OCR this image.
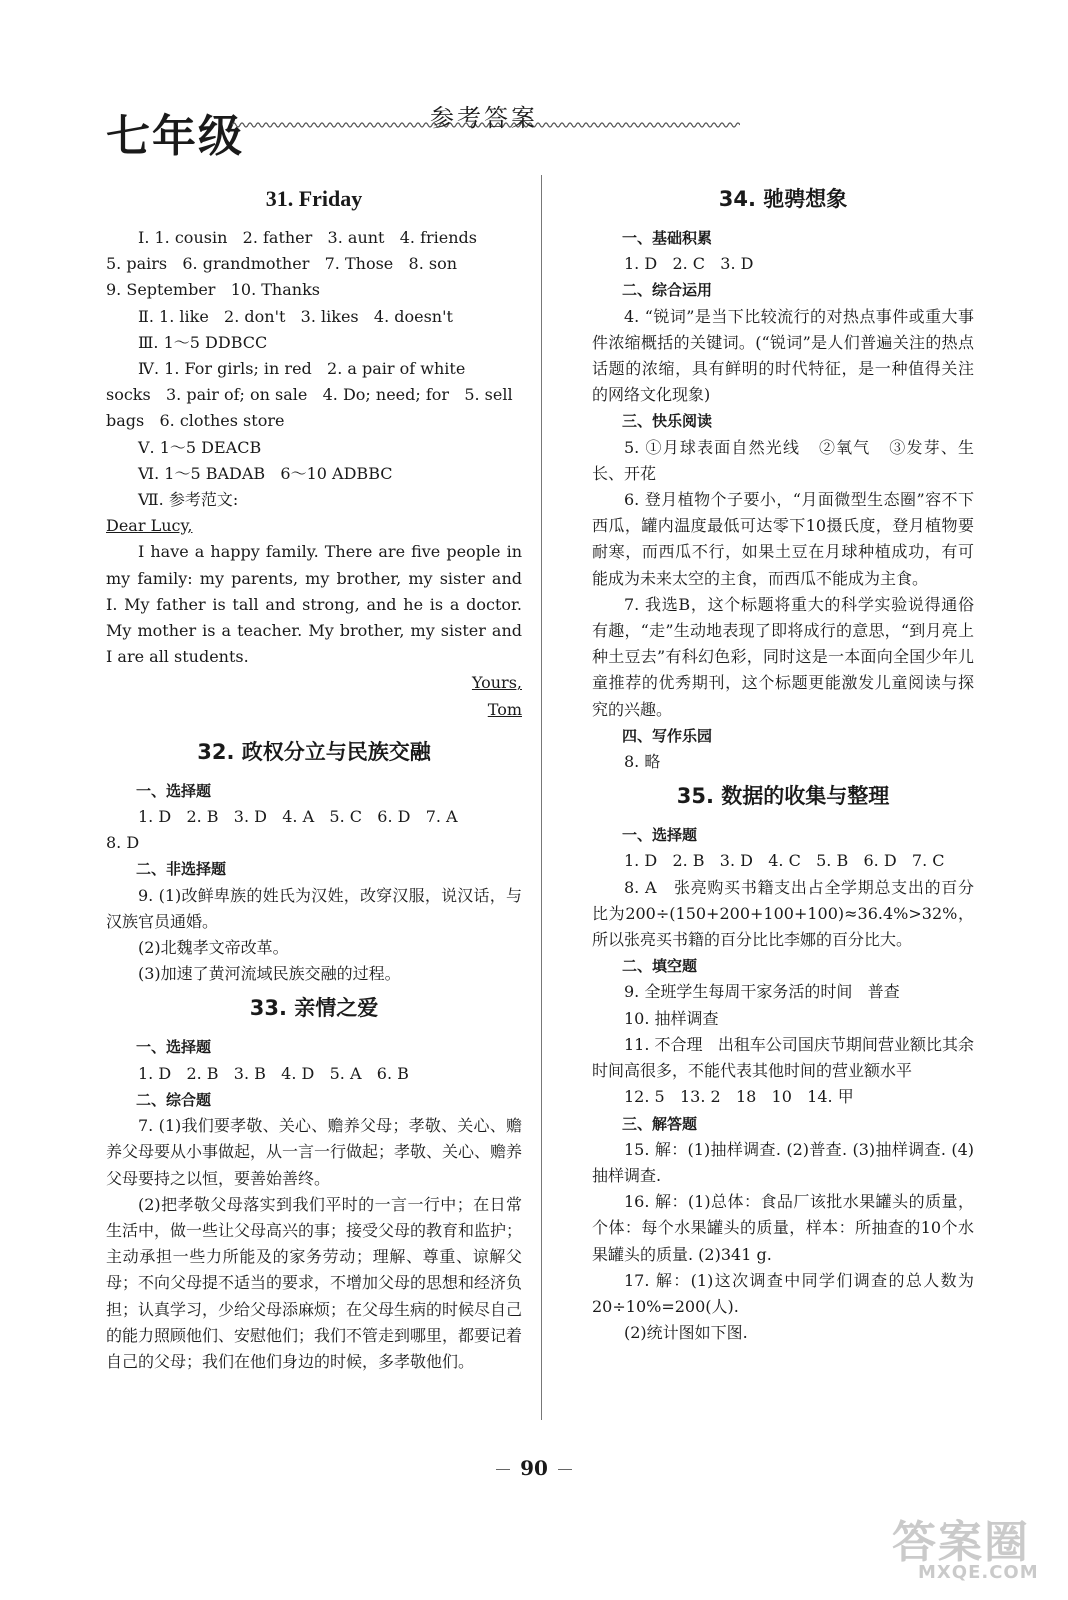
七年级	参考答案
31. Friday
Ⅰ. 1. cousin   2. father   3. aunt   4. friends
5. pairs   6. grandmother   7. Those   8. son
9. September   10. Thanks
Ⅱ. 1. like   2. don't   3. likes   4. doesn't
Ⅲ. 1～5 DDBCC
Ⅳ. 1. For girls; in red   2. a pair of white
socks   3. pair of; on sale   4. Do; need; for   5. sell
bags   6. clothes store
Ⅴ. 1～5 DEACB
Ⅵ. 1～5 BADAB   6～10 ADBBC
Ⅶ. 参考范文:
Dear Lucy,
I have a happy family. There are five people in my family: my parents, my brother, my sister and I. My father is tall and strong, and he is a doctor. My mother is a teacher. My brother, my sister and I are all students.
Yours,
Tom
32. 政权分立与民族交融
一、选择题
1. D   2. B   3. D   4. A   5. C   6. D   7. A
8. D
二、非选择题
9. (1)改鲜卑族的姓氏为汉姓，改穿汉服，说汉话，与汉族官员通婚。
(2)北魏孝文帝改革。
(3)加速了黄河流域民族交融的过程。
33. 亲情之爱
一、选择题
1. D   2. B   3. B   4. D   5. A   6. B
二、综合题
7. (1)我们要孝敬、关心、赡养父母；孝敬、关心、赡养父母要从小事做起，从一言一行做起；孝敬、关心、赡养父母要持之以恒，要善始善终。
(2)把孝敬父母落实到我们平时的一言一行中；在日常生活中，做一些让父母高兴的事；接受父母的教育和监护；主动承担一些力所能及的家务劳动；理解、尊重、谅解父母；不向父母提不适当的要求，不增加父母的思想和经济负担；认真学习，少给父母添麻烦；在父母生病的时候尽自己的能力照顾他们、安慰他们；我们不管走到哪里，都要记着自己的父母；我们在他们身边的时候，多孝敬他们。
34. 驰骋想象
一、基础积累
1. D   2. C   3. D
二、综合运用
4. “锐词”是当下比较流行的对热点事件或重大事件浓缩概括的关键词。(“锐词”是人们普遍关注的热点话题的浓缩，具有鲜明的时代特征，是一种值得关注的网络文化现象)
三、快乐阅读
5. ①月球表面自然光线   ②氧气   ③发芽、生长、开花
6. 登月植物个子要小，“月面微型生态圈”容不下西瓜，罐内温度最低可达零下10摄氏度，登月植物要耐寒，而西瓜不行，如果土豆在月球种植成功，有可能成为未来太空的主食，而西瓜不能成为主食。
7. 我选B，这个标题将重大的科学实验说得通俗有趣，“走”生动地表现了即将成行的意思，“到月亮上种土豆去”有科幻色彩，同时这是一本面向全国少年儿童推荐的优秀期刊，这个标题更能激发儿童阅读与探究的兴趣。
四、写作乐园
8. 略
35. 数据的收集与整理
一、选择题
1. D   2. B   3. D   4. C   5. B   6. D   7. C
8. A   张亮购买书籍支出占全学期总支出的百分比为200÷(150+200+100+100)≈36.4%>32%，所以张亮买书籍的百分比比李娜的百分比大。
二、填空题
9. 全班学生每周干家务活的时间   普查
10. 抽样调查
11. 不合理   出租车公司国庆节期间营业额比其余时间高很多，不能代表其他时间的营业额水平
12. 5   13. 2   18   10   14. 甲
三、解答题
15. 解：(1)抽样调查. (2)普查. (3)抽样调查. (4)抽样调查.
16. 解：(1)总体：食品厂该批水果罐头的质量，个体：每个水果罐头的质量，样本：所抽查的10个水果罐头的质量. (2)341 g.
17. 解：(1)这次调查中同学们调查的总人数为20÷10%=200(人).
(2)统计图如下图.
90
答案圈
MXQE.COM
